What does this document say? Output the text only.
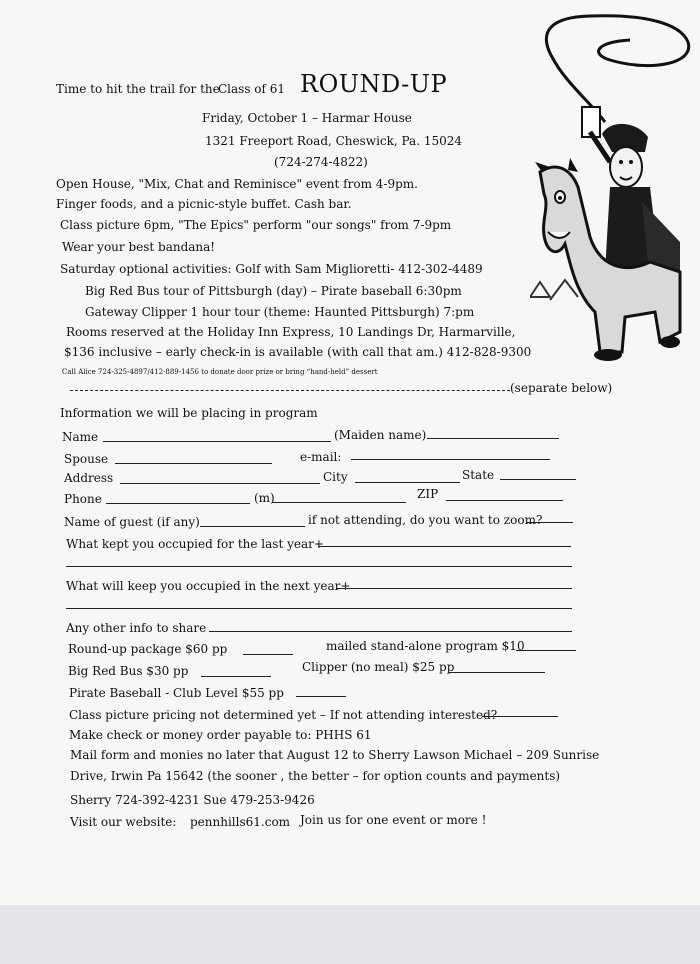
Time to hit the trail for the
Class of 61 ROUND-UP
Friday, October 1 – Harmar House
1321 Freeport Road, Cheswick, Pa. 15024
(724-274-4822)
Open House, "Mix, Chat and Reminisce" event from 4-9pm.
Finger foods, and a picnic-style buffet. Cash bar.
Class picture 6pm, "The Epics" perform "our songs" from 7-9pm
Wear your best bandana!
Saturday optional activities: Golf with Sam Miglioretti- 412-302-4489
Big Red Bus tour of Pittsburgh (day) – Pirate baseball 6:30pm
Gateway Clipper 1 hour tour (theme: Haunted Pittsburgh) 7:pm
Rooms reserved at the Holiday Inn Express, 10 Landings Dr, Harmarville,
$136 inclusive – early check-in is available (with call that am.) 412-828-9300
Call Alice 724-325-4897/412-889-1456 to donate door prize or bring “hand-held” dessert
(separate below)
Information we will be placing in program
Name	(Maiden name)
Spouse	e-mail:
Address	City	State
Phone	(m)	ZIP
Name of guest (if any)	if not attending, do you want to zoom?
What kept you occupied for the last year+
What will keep you occupied in the next year+
Any other info to share
Round-up package $60 pp	mailed stand-alone program $10
Big Red Bus $30 pp	Clipper (no meal) $25 pp
Pirate Baseball - Club Level $55 pp
Class picture pricing not determined yet – If not attending interested?
Make check or money order payable to: PHHS 61
Mail form and monies no later that August 12 to Sherry Lawson Michael – 209 Sunrise
Drive, Irwin Pa 15642 (the sooner , the better – for option counts and payments)
Sherry 724-392-4231 Sue 479-253-9426
Visit our website: pennhills61.com Join us for one event or more !
